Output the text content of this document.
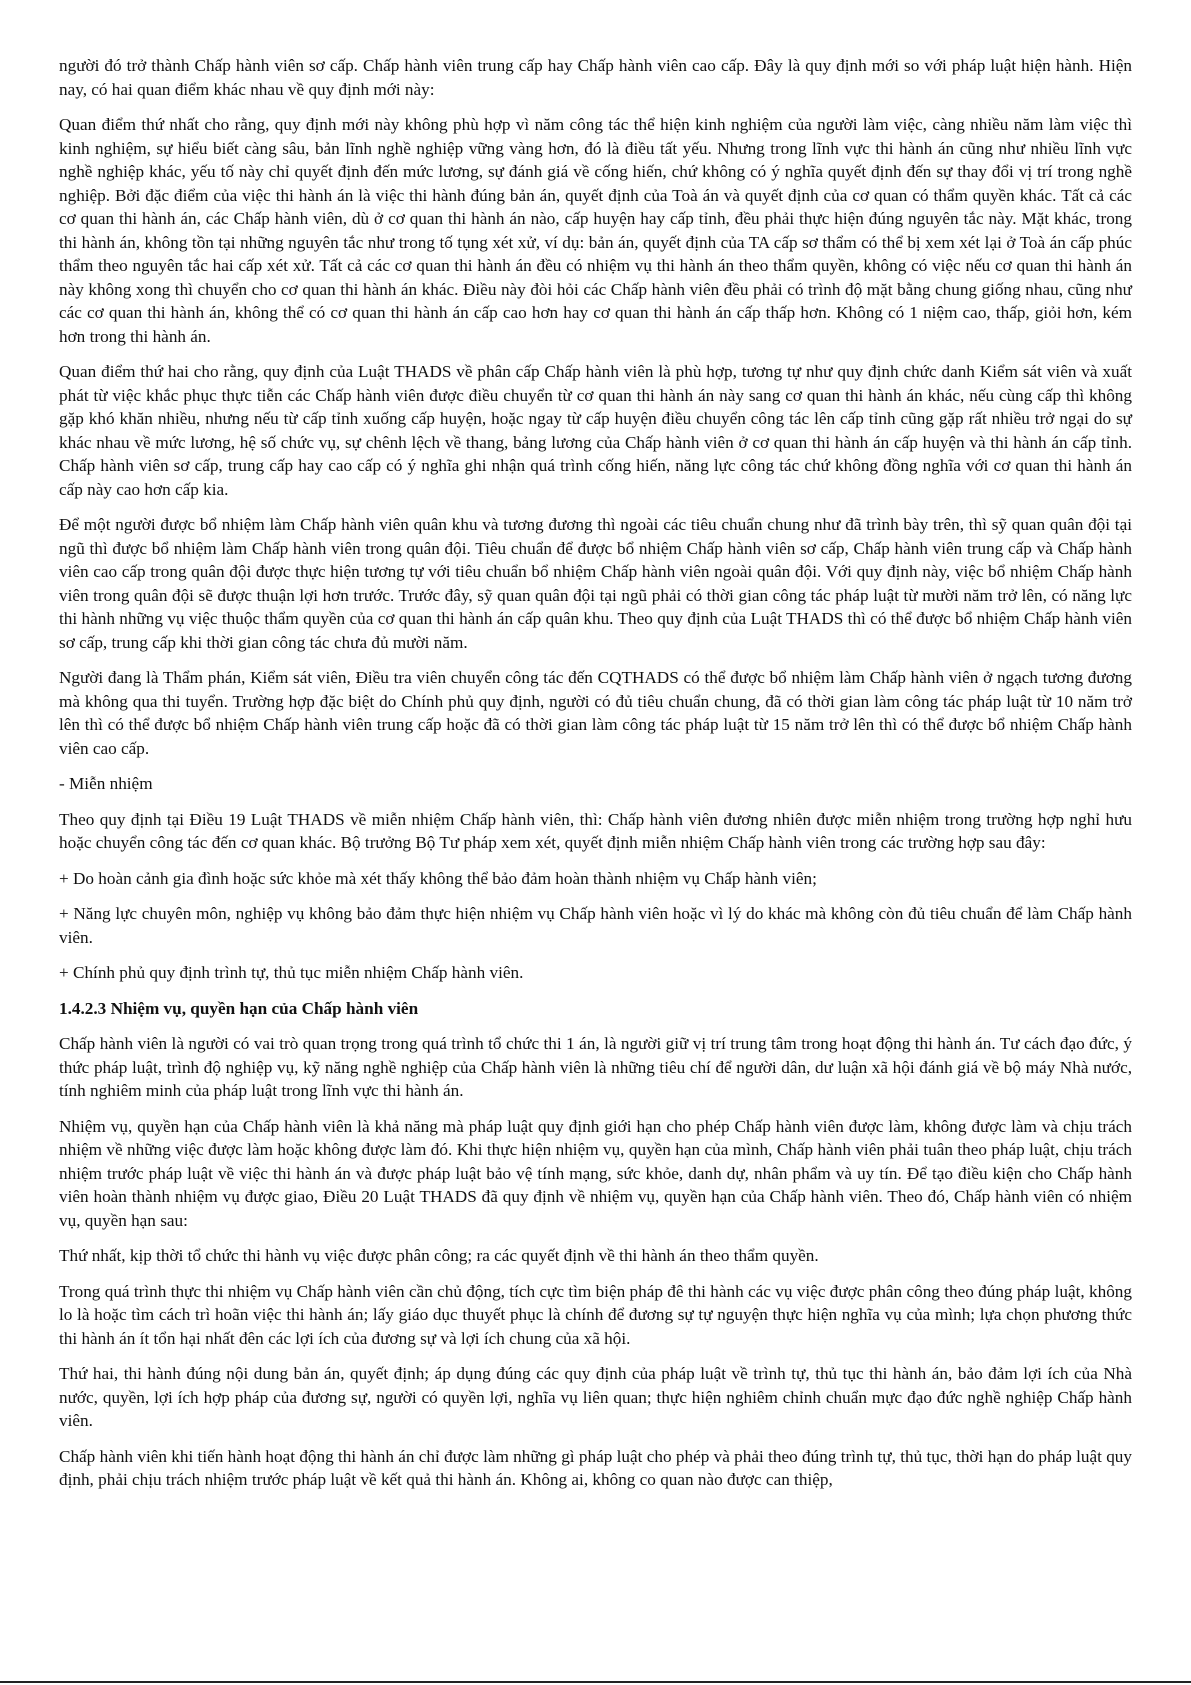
người đó trở thành Chấp hành viên sơ cấp. Chấp hành viên trung cấp hay Chấp hành viên cao cấp. Đây là quy định mới so với pháp luật hiện hành. Hiện nay, có hai quan điểm khác nhau về quy định mới này:

Quan điểm thứ nhất cho rằng, quy định mới này không phù hợp vì năm công tác thể hiện kinh nghiệm của người làm việc, càng nhiều năm làm việc thì kinh nghiệm, sự hiểu biết càng sâu, bản lĩnh nghề nghiệp vững vàng hơn, đó là điều tất yếu. Nhưng trong lĩnh vực thi hành án cũng như nhiều lĩnh vực nghề nghiệp khác, yếu tố này chỉ quyết định đến mức lương, sự đánh giá về cống hiến, chứ không có ý nghĩa quyết định đến sự thay đổi vị trí trong nghề nghiệp. Bởi đặc điểm của việc thi hành án là việc thi hành đúng bản án, quyết định của Toà án và quyết định của cơ quan có thẩm quyền khác. Tất cả các cơ quan thi hành án, các Chấp hành viên, dù ở cơ quan thi hành án nào, cấp huyện hay cấp tỉnh, đều phải thực hiện đúng nguyên tắc này. Mặt khác, trong thi hành án, không tồn tại những nguyên tắc như trong tố tụng xét xử, ví dụ: bản án, quyết định của TA cấp sơ thẩm có thể bị xem xét lại ở Toà án cấp phúc thẩm theo nguyên tắc hai cấp xét xử. Tất cả các cơ quan thi hành án đều có nhiệm vụ thi hành án theo thẩm quyền, không có việc nếu cơ quan thi hành án này không xong thì chuyển cho cơ quan thi hành án khác. Điều này đòi hỏi các Chấp hành viên đều phải có trình độ mặt bằng chung giống nhau, cũng như các cơ quan thi hành án, không thể có cơ quan thi hành án cấp cao hơn hay cơ quan thi hành án cấp thấp hơn. Không có 1 niệm cao, thấp, giỏi hơn, kém hơn trong thi hành án.

Quan điểm thứ hai cho rằng, quy định của Luật THADS về phân cấp Chấp hành viên là phù hợp, tương tự như quy định chức danh Kiểm sát viên và xuất phát từ việc khắc phục thực tiễn các Chấp hành viên được điều chuyển từ cơ quan thi hành án này sang cơ quan thi hành án khác, nếu cùng cấp thì không gặp khó khăn nhiều, nhưng nếu từ cấp tỉnh xuống cấp huyện, hoặc ngay từ cấp huyện điều chuyển công tác lên cấp tỉnh cũng gặp rất nhiều trở ngại do sự khác nhau về mức lương, hệ số chức vụ, sự chênh lệch về thang, bảng lương của Chấp hành viên ở cơ quan thi hành án cấp huyện và thi hành án cấp tỉnh. Chấp hành viên sơ cấp, trung cấp hay cao cấp có ý nghĩa ghi nhận quá trình cống hiến, năng lực công tác chứ không đồng nghĩa với cơ quan thi hành án cấp này cao hơn cấp kia.

Để một người được bổ nhiệm làm Chấp hành viên quân khu và tương đương thì ngoài các tiêu chuẩn chung như đã trình bày trên, thì sỹ quan quân đội tại ngũ thì được bổ nhiệm làm Chấp hành viên trong quân đội. Tiêu chuẩn để được bổ nhiệm Chấp hành viên sơ cấp, Chấp hành viên trung cấp và Chấp hành viên cao cấp trong quân đội được thực hiện tương tự với tiêu chuẩn bổ nhiệm Chấp hành viên ngoài quân đội. Với quy định này, việc bổ nhiệm Chấp hành viên trong quân đội sẽ được thuận lợi hơn trước. Trước đây, sỹ quan quân đội tại ngũ phải có thời gian công tác pháp luật từ mười năm trở lên, có năng lực thi hành những vụ việc thuộc thẩm quyền của cơ quan thi hành án cấp quân khu. Theo quy định của Luật THADS thì có thể được bổ nhiệm Chấp hành viên sơ cấp, trung cấp khi thời gian công tác chưa đủ mười năm.

Người đang là Thẩm phán, Kiểm sát viên, Điều tra viên chuyển công tác đến CQTHADS có thể được bổ nhiệm làm Chấp hành viên ở ngạch tương đương mà không qua thi tuyển. Trường hợp đặc biệt do Chính phủ quy định, người có đủ tiêu chuẩn chung, đã có thời gian làm công tác pháp luật từ 10 năm trở lên thì có thể được bổ nhiệm Chấp hành viên trung cấp hoặc đã có thời gian làm công tác pháp luật từ 15 năm trở lên thì có thể được bổ nhiệm Chấp hành viên cao cấp.

- Miễn nhiệm

Theo quy định tại Điều 19 Luật THADS về miễn nhiệm Chấp hành viên, thì: Chấp hành viên đương nhiên được miễn nhiệm trong trường hợp nghỉ hưu hoặc chuyển công tác đến cơ quan khác. Bộ trưởng Bộ Tư pháp xem xét, quyết định miễn nhiệm Chấp hành viên trong các trường hợp sau đây:

+ Do hoàn cảnh gia đình hoặc sức khỏe mà xét thấy không thể bảo đảm hoàn thành nhiệm vụ Chấp hành viên;

+ Năng lực chuyên môn, nghiệp vụ không bảo đảm thực hiện nhiệm vụ Chấp hành viên hoặc vì lý do khác mà không còn đủ tiêu chuẩn để làm Chấp hành viên.

+ Chính phủ quy định trình tự, thủ tục miễn nhiệm Chấp hành viên.

1.4.2.3 Nhiệm vụ, quyền hạn của Chấp hành viên

Chấp hành viên là người có vai trò quan trọng trong quá trình tổ chức thi 1 án, là người giữ vị trí trung tâm trong hoạt động thi hành án. Tư cách đạo đức, ý thức pháp luật, trình độ nghiệp vụ, kỹ năng nghề nghiệp của Chấp hành viên là những tiêu chí để người dân, dư luận xã hội đánh giá về bộ máy Nhà nước, tính nghiêm minh của pháp luật trong lĩnh vực thi hành án.

Nhiệm vụ, quyền hạn của Chấp hành viên là khả năng mà pháp luật quy định giới hạn cho phép Chấp hành viên được làm, không được làm và chịu trách nhiệm về những việc được làm hoặc không được làm đó. Khi thực hiện nhiệm vụ, quyền hạn của mình, Chấp hành viên phải tuân theo pháp luật, chịu trách nhiệm trước pháp luật về việc thi hành án và được pháp luật bảo vệ tính mạng, sức khỏe, danh dự, nhân phẩm và uy tín. Để tạo điều kiện cho Chấp hành viên hoàn thành nhiệm vụ được giao, Điều 20 Luật THADS đã quy định về nhiệm vụ, quyền hạn của Chấp hành viên. Theo đó, Chấp hành viên có nhiệm vụ, quyền hạn sau:

Thứ nhất, kịp thời tổ chức thi hành vụ việc được phân công; ra các quyết định về thi hành án theo thẩm quyền.

Trong quá trình thực thi nhiệm vụ Chấp hành viên cần chủ động, tích cực tìm biện pháp đê thi hành các vụ việc được phân công theo đúng pháp luật, không lo là hoặc tìm cách trì hoãn việc thi hành án; lấy giáo dục thuyết phục là chính để đương sự tự nguyện thực hiện nghĩa vụ của mình; lựa chọn phương thức thi hành án ít tổn hại nhất đên các lợi ích của đương sự và lợi ích chung của xã hội.

Thứ hai, thi hành đúng nội dung bản án, quyết định; áp dụng đúng các quy định của pháp luật về trình tự, thủ tục thi hành án, bảo đảm lợi ích của Nhà nước, quyền, lợi ích hợp pháp của đương sự, người có quyền lợi, nghĩa vụ liên quan; thực hiện nghiêm chỉnh chuẩn mực đạo đức nghề nghiệp Chấp hành viên.

Chấp hành viên khi tiến hành hoạt động thi hành án chỉ được làm những gì pháp luật cho phép và phải theo đúng trình tự, thủ tục, thời hạn do pháp luật quy định, phải chịu trách nhiệm trước pháp luật về kết quả thi hành án. Không ai, không co quan nào được can thiệp,
